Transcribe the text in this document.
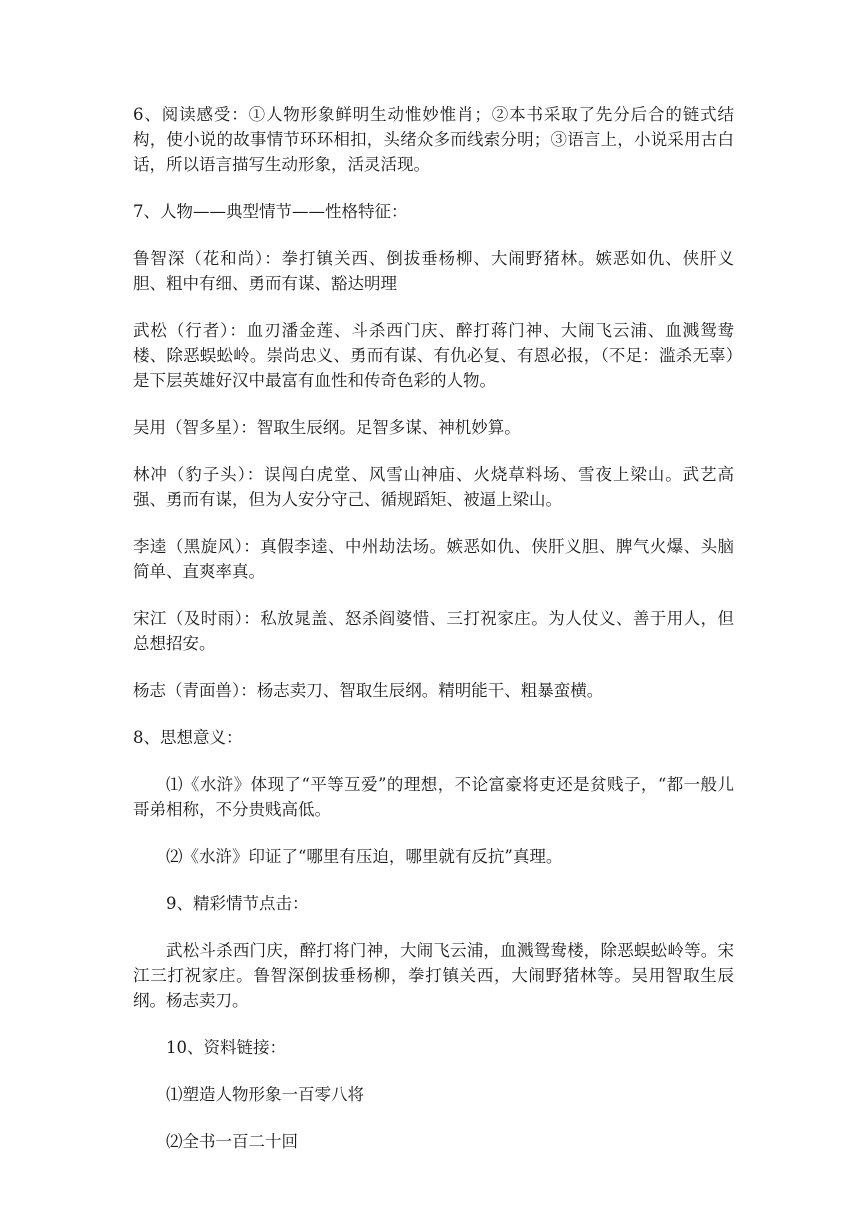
6、阅读感受：①人物形象鲜明生动惟妙惟肖；②本书采取了先分后合的链式结构，使小说的故事情节环环相扣，头绪众多而线索分明；③语言上，小说采用古白话，所以语言描写生动形象，活灵活现。

7、人物——典型情节——性格特征：

鲁智深（花和尚）：拳打镇关西、倒拔垂杨柳、大闹野猪林。嫉恶如仇、侠肝义胆、粗中有细、勇而有谋、豁达明理

武松（行者）：血刃潘金莲、斗杀西门庆、醉打蒋门神、大闹飞云浦、血溅鸳鸯楼、除恶蜈蚣岭。崇尚忠义、勇而有谋、有仇必复、有恩必报，（不足：滥杀无辜）是下层英雄好汉中最富有血性和传奇色彩的人物。

吴用（智多星）：智取生辰纲。足智多谋、神机妙算。

林冲（豹子头）：误闯白虎堂、风雪山神庙、火烧草料场、雪夜上梁山。武艺高强、勇而有谋，但为人安分守己、循规蹈矩、被逼上梁山。

李逵（黑旋风）：真假李逵、中州劫法场。嫉恶如仇、侠肝义胆、脾气火爆、头脑简单、直爽率真。

宋江（及时雨）：私放晁盖、怒杀阎婆惜、三打祝家庄。为人仗义、善于用人，但总想招安。

杨志（青面兽）：杨志卖刀、智取生辰纲。精明能干、粗暴蛮横。

8、思想意义：

⑴《水浒》体现了“平等互爱”的理想，不论富豪将吏还是贫贱子，“都一般儿哥弟相称，不分贵贱高低。

⑵《水浒》印证了“哪里有压迫，哪里就有反抗”真理。

9、精彩情节点击：

武松斗杀西门庆，醉打将门神，大闹飞云浦，血溅鸳鸯楼，除恶蜈蚣岭等。宋江三打祝家庄。鲁智深倒拔垂杨柳，拳打镇关西，大闹野猪林等。吴用智取生辰纲。杨志卖刀。

10、资料链接：

⑴塑造人物形象一百零八将

⑵全书一百二十回
